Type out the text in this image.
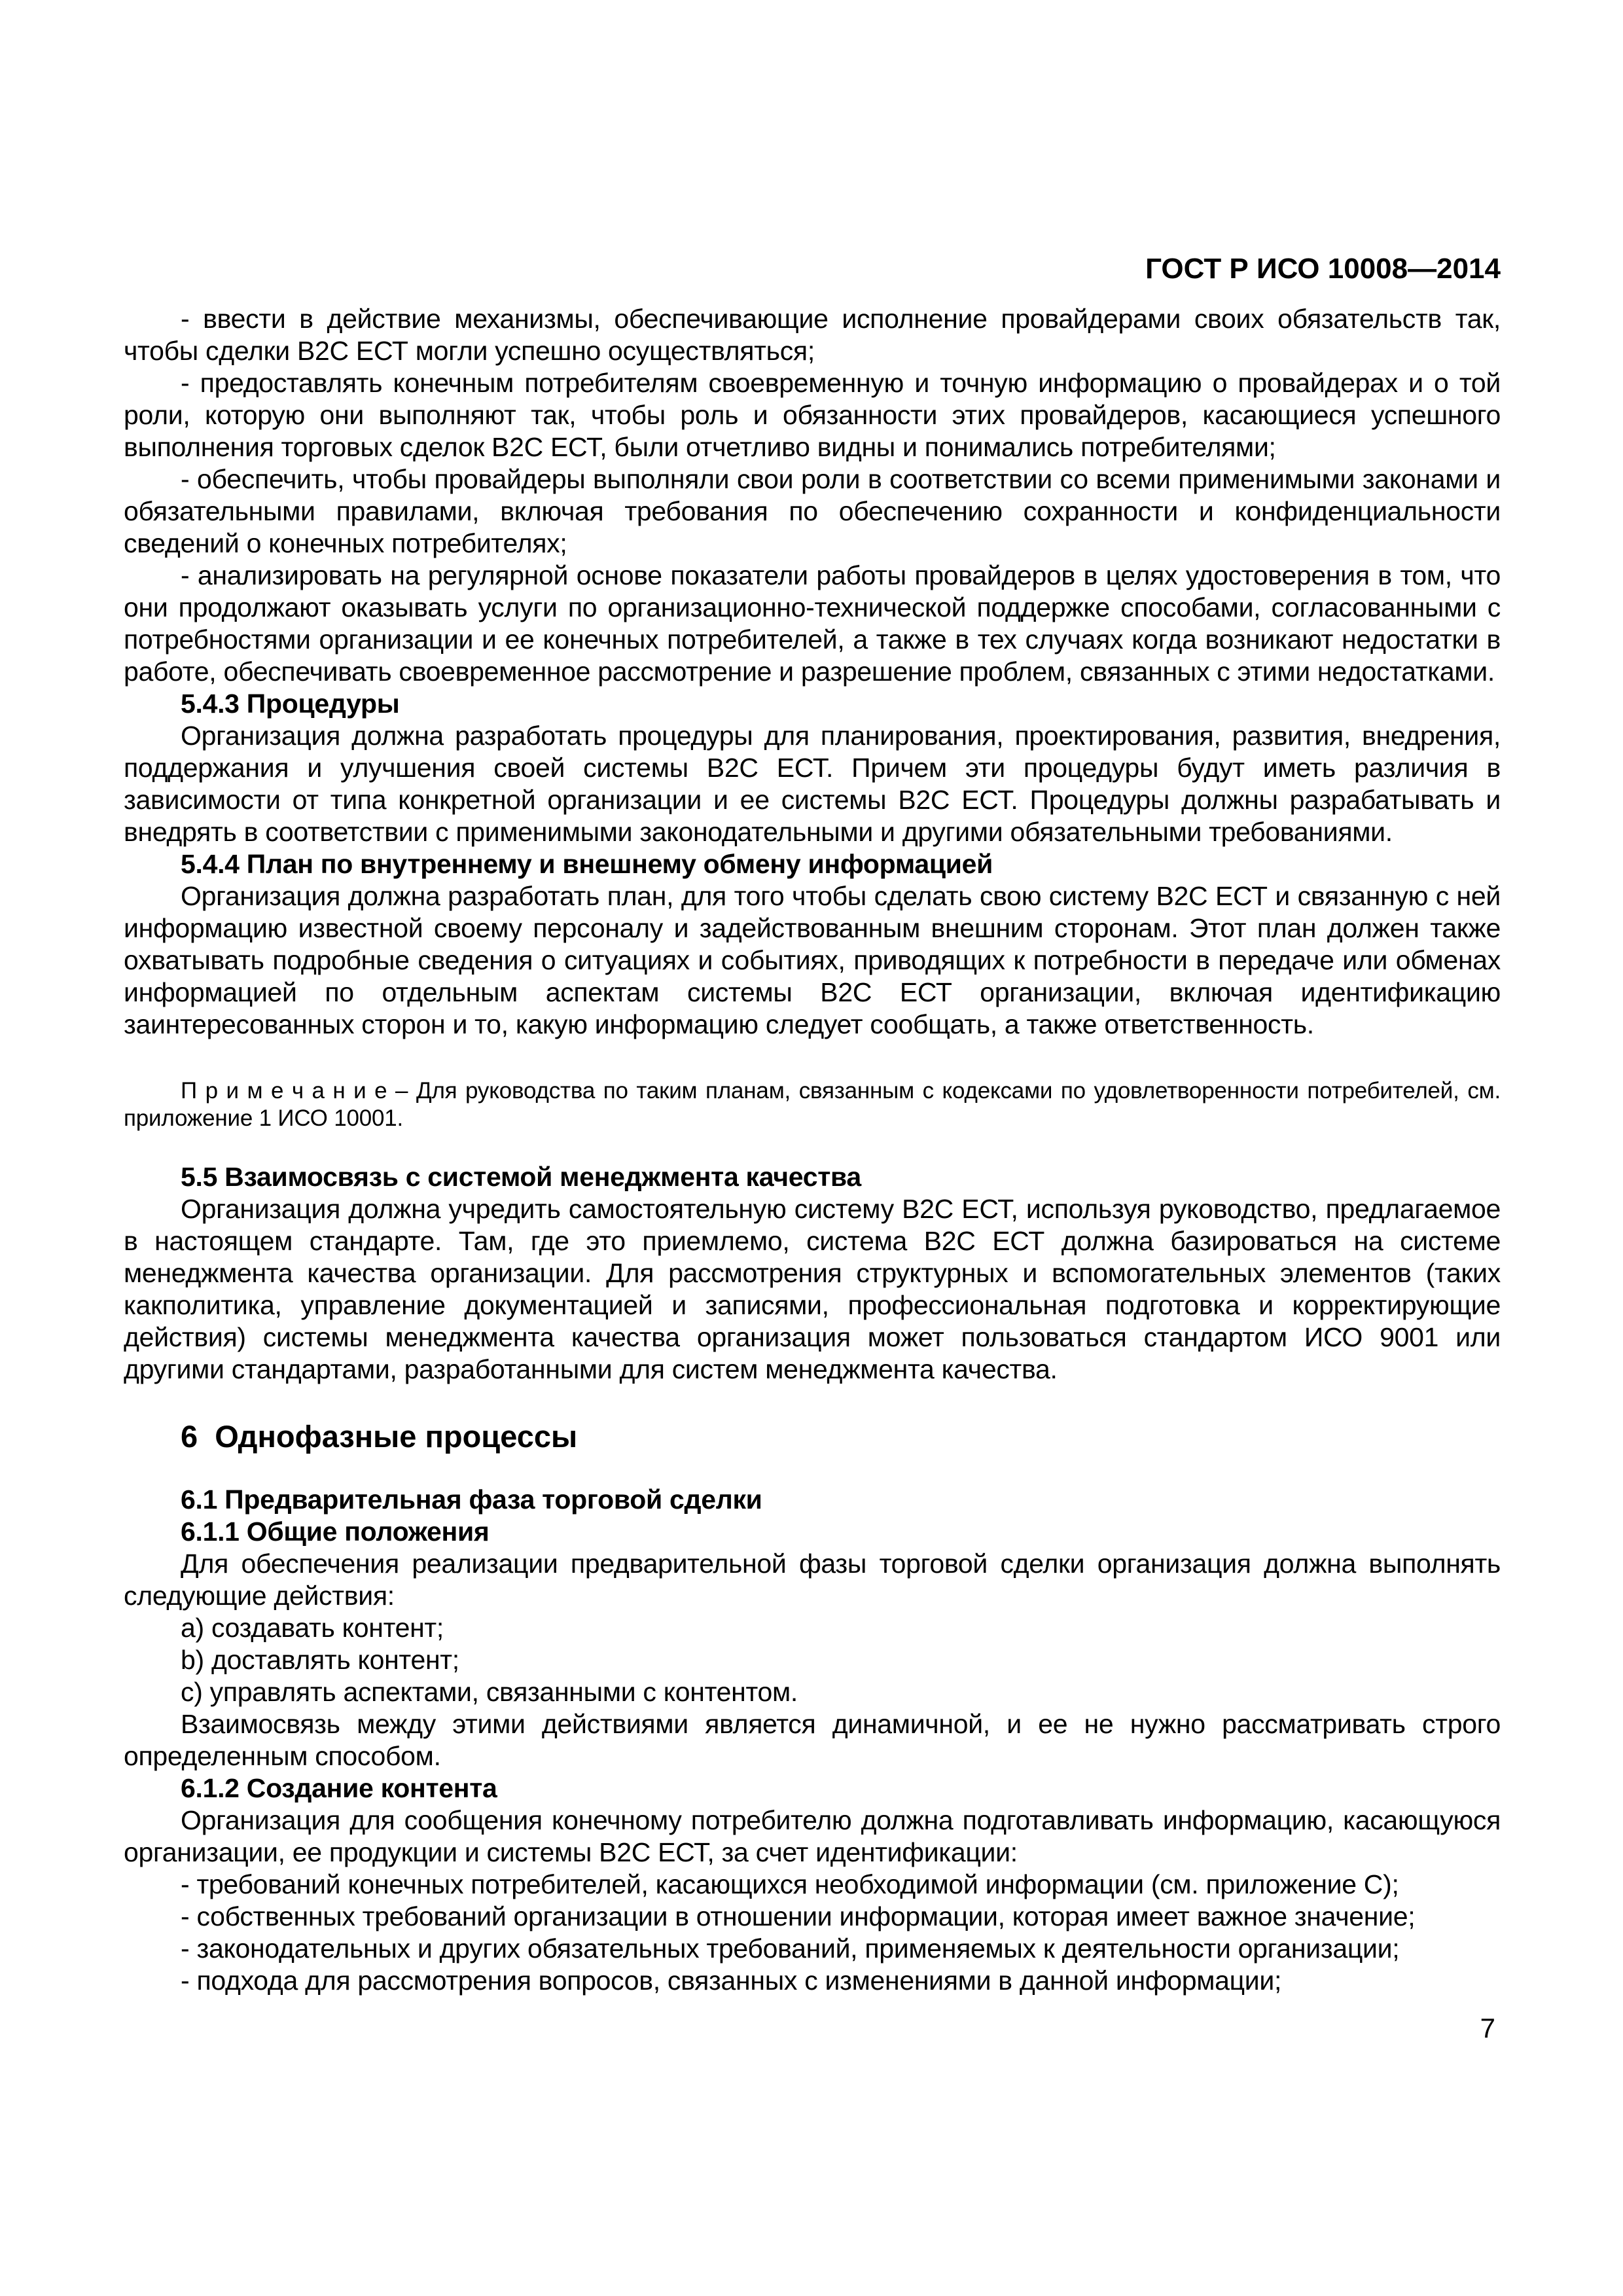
ГОСТ Р ИСО 10008—2014

- ввести в действие механизмы, обеспечивающие исполнение провайдерами своих обязательств так, чтобы сделки B2C ЕСТ могли успешно осуществляться;

- предоставлять конечным потребителям своевременную и точную информацию о провайдерах и о той роли, которую они выполняют так, чтобы роль и обязанности этих провайдеров, касающиеся успешного выполнения торговых сделок B2C ЕСТ, были отчетливо видны и понимались потребителями;

- обеспечить, чтобы провайдеры выполняли свои роли в соответствии со всеми применимыми законами и обязательными правилами, включая требования по обеспечению сохранности и конфиденциальности сведений о конечных потребителях;

- анализировать на регулярной основе показатели работы провайдеров в целях удостоверения в том, что они продолжают оказывать услуги по организационно-технической поддержке способами, согласованными с потребностями организации и ее конечных потребителей, а также в тех случаях когда возникают недостатки в работе, обеспечивать своевременное рассмотрение и разрешение проблем, связанных с этими недостатками.

5.4.3 Процедуры

Организация должна разработать процедуры для планирования, проектирования, развития, внедрения, поддержания и улучшения своей системы B2C ЕСТ. Причем эти процедуры будут иметь различия в зависимости от типа конкретной организации и ее системы B2C ЕСТ. Процедуры должны разрабатывать и внедрять в соответствии с применимыми законодательными и другими обязательными требованиями.

5.4.4 План по внутреннему и внешнему обмену информацией

Организация должна разработать план, для того чтобы сделать свою систему B2C ЕСТ и связанную с ней информацию известной своему персоналу и задействованным внешним сторонам. Этот план должен также охватывать подробные сведения о ситуациях и событиях, приводящих к потребности в передаче или обменах информацией по отдельным аспектам системы B2C ЕСТ организации, включая идентификацию заинтересованных сторон и то, какую информацию следует сообщать, а также ответственность.

П р и м е ч а н и е – Для руководства по таким планам, связанным с кодексами по удовлетворенности потребителей, см. приложение 1 ИСО 10001.

5.5 Взаимосвязь с системой менеджмента качества

Организация должна учредить самостоятельную систему B2C ЕСТ, используя руководство, предлагаемое в настоящем стандарте. Там, где это приемлемо, система B2C ЕСТ должна базироваться на системе менеджмента качества организации. Для рассмотрения структурных и вспомогательных элементов (таких какполитика, управление документацией и записями, профессиональная подготовка и корректирующие действия) системы менеджмента качества организация может пользоваться стандартом ИСО 9001 или другими стандартами, разработанными для систем менеджмента качества.

6  Однофазные процессы
6.1 Предварительная фаза торговой сделки
6.1.1 Общие положения

Для обеспечения реализации предварительной фазы торговой сделки организация должна выполнять следующие действия:

a) создавать контент;

b) доставлять контент;

c) управлять аспектами, связанными с контентом.

Взаимосвязь между этими действиями является динамичной, и ее не нужно рассматривать строго определенным способом.

6.1.2 Создание контента

Организация для сообщения конечному потребителю должна подготавливать информацию, касающуюся организации, ее продукции и системы B2C ЕСТ, за счет идентификации:

- требований конечных потребителей, касающихся необходимой информации (см. приложение C);

- собственных требований организации в отношении информации, которая имеет важное значение;

- законодательных и других обязательных требований, применяемых к деятельности организации;

- подхода для рассмотрения вопросов, связанных с изменениями в данной информации;

7
